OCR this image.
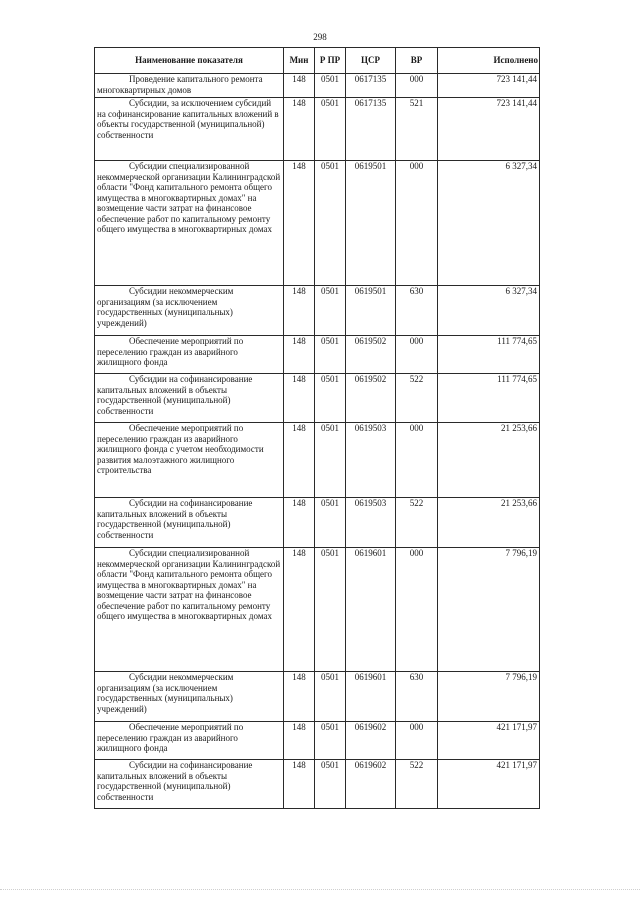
298
Наименование показателя	Мин	Р ПР	ЦСР	ВР	Исполнено

Проведение капитального ремонта многоквартирных домов	148	0501	0617135	000	723 141,44

Субсидии, за исключением субсидий на софинансирование капитальных вложений в объекты государственной (муниципальной) собственности	148	0501	0617135	521	723 141,44

Субсидии специализированной некоммерческой организации Калининградской области "Фонд капитального ремонта общего имущества в многоквартирных домах" на возмещение части затрат на финансовое обеспечение работ по капитальному ремонту общего имущества в многоквартирных домах	148	0501	0619501	000	6 327,34

Субсидии некоммерческим организациям (за исключением государственных (муниципальных) учреждений)	148	0501	0619501	630	6 327,34

Обеспечение мероприятий по переселению граждан из аварийного жилищного фонда	148	0501	0619502	000	111 774,65

Субсидии на софинансирование капитальных вложений в объекты государственной (муниципальной) собственности	148	0501	0619502	522	111 774,65

Обеспечение мероприятий по переселению граждан из аварийного жилищного фонда с учетом необходимости развития малоэтажного жилищного строительства	148	0501	0619503	000	21 253,66

Субсидии на софинансирование капитальных вложений в объекты государственной (муниципальной) собственности	148	0501	0619503	522	21 253,66

Субсидии специализированной некоммерческой организации Калининградской области "Фонд капитального ремонта общего имущества в многоквартирных домах" на возмещение части затрат на финансовое обеспечение работ по капитальному ремонту общего имущества в многоквартирных домах	148	0501	0619601	000	7 796,19

Субсидии некоммерческим организациям (за исключением государственных (муниципальных) учреждений)	148	0501	0619601	630	7 796,19

Обеспечение мероприятий по переселению граждан из аварийного жилищного фонда	148	0501	0619602	000	421 171,97

Субсидии на софинансирование капитальных вложений в объекты государственной (муниципальной) собственности	148	0501	0619602	522	421 171,97
